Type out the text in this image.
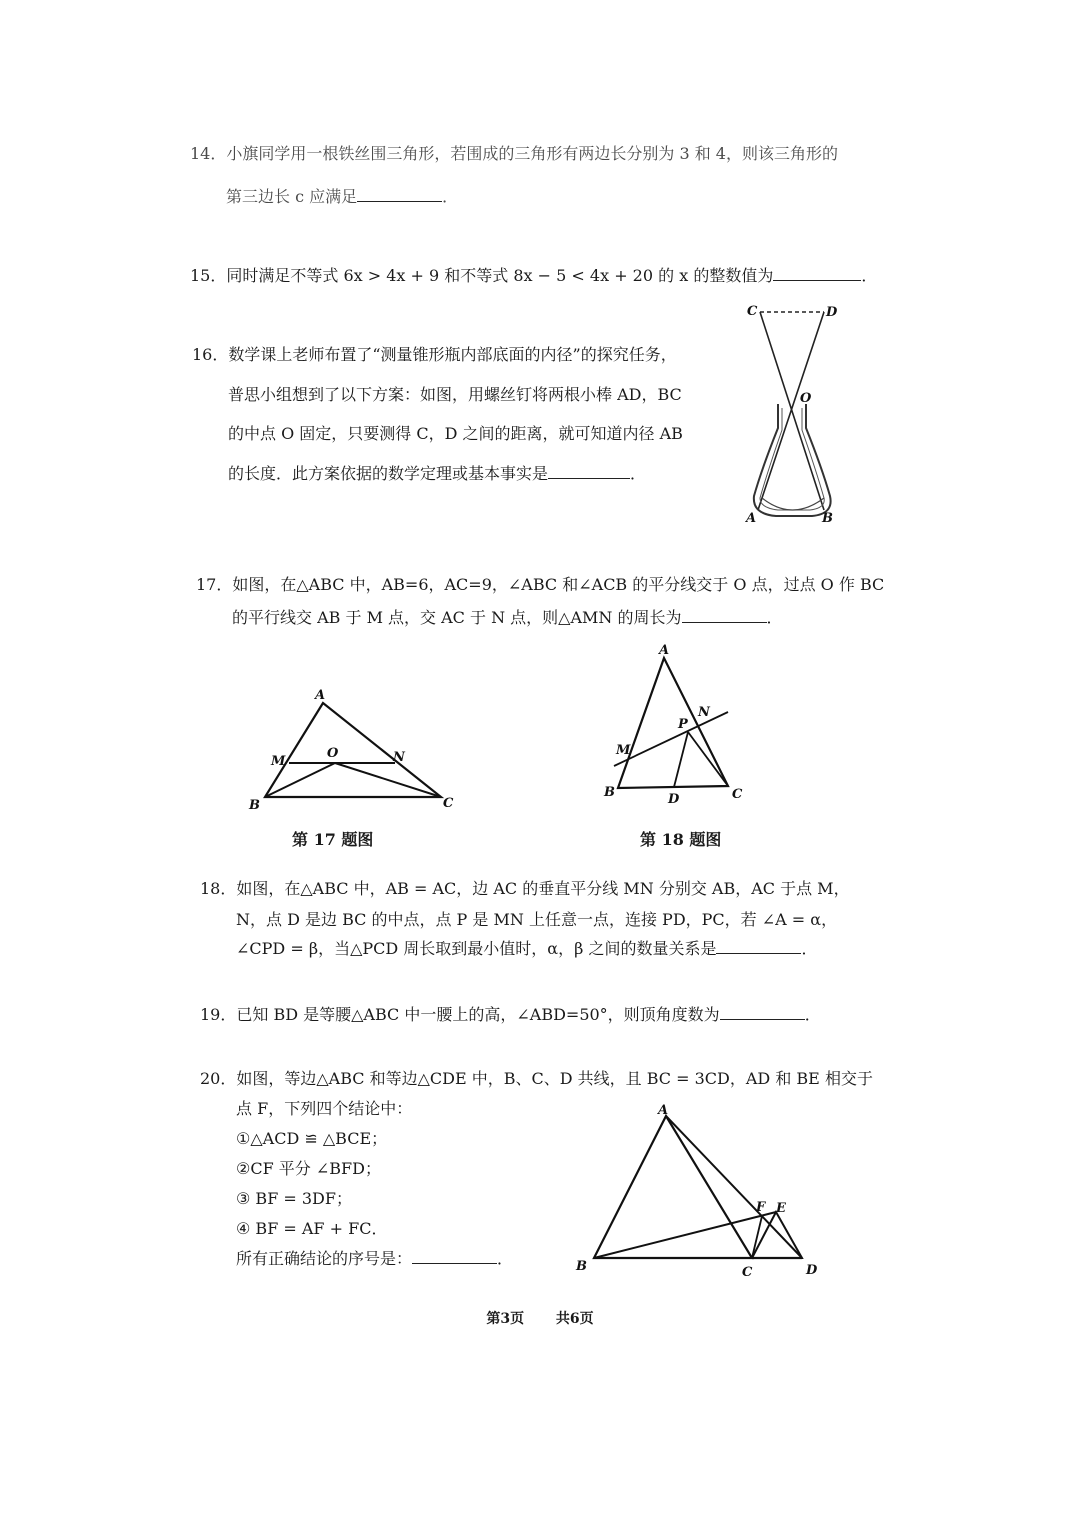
14．小旗同学用一根铁丝围三角形，若围成的三角形有两边长分别为 3 和 4，则该三角形的
第三边长 c 应满足	．
15．同时满足不等式 6x > 4x + 9 和不等式 8x − 5 < 4x + 20 的 x 的整数值为	．
16．数学课上老师布置了“测量锥形瓶内部底面的内径”的探究任务，
普思小组想到了以下方案：如图，用螺丝钉将两根小棒 AD，BC
的中点 O 固定，只要测得 C，D 之间的距离，就可知道内径 AB
的长度．此方案依据的数学定理或基本事实是	．
C	D
O
A	B
17．如图，在△ABC 中，AB=6，AC=9，∠ABC 和∠ACB 的平分线交于 O 点，过点 O 作 BC
的平行线交 AB 于 M 点，交 AC 于 N 点，则△AMN 的周长为	．
A
M
O	N
B	C
第 17 题图
A
N
P
M
B	D	C
第 18 题图
18．如图，在△ABC 中，AB = AC，边 AC 的垂直平分线 MN 分别交 AB，AC 于点 M，
N，点 D 是边 BC 的中点，点 P 是 MN 上任意一点，连接 PD，PC，若 ∠A = α，
∠CPD = β，当△PCD 周长取到最小值时，α，β 之间的数量关系是	．
19．已知 BD 是等腰△ABC 中一腰上的高，∠ABD=50°，则顶角度数为	．
20．如图，等边△ABC 和等边△CDE 中，B、C、D 共线，且 BC = 3CD，AD 和 BE 相交于
点 F，下列四个结论中：
①△ACD ≌ △BCE；
②CF 平分 ∠BFD；
③ BF = 3DF；
④ BF = AF + FC．
所有正确结论的序号是：	．
A
F E
B	C	D
第3页 共6页
